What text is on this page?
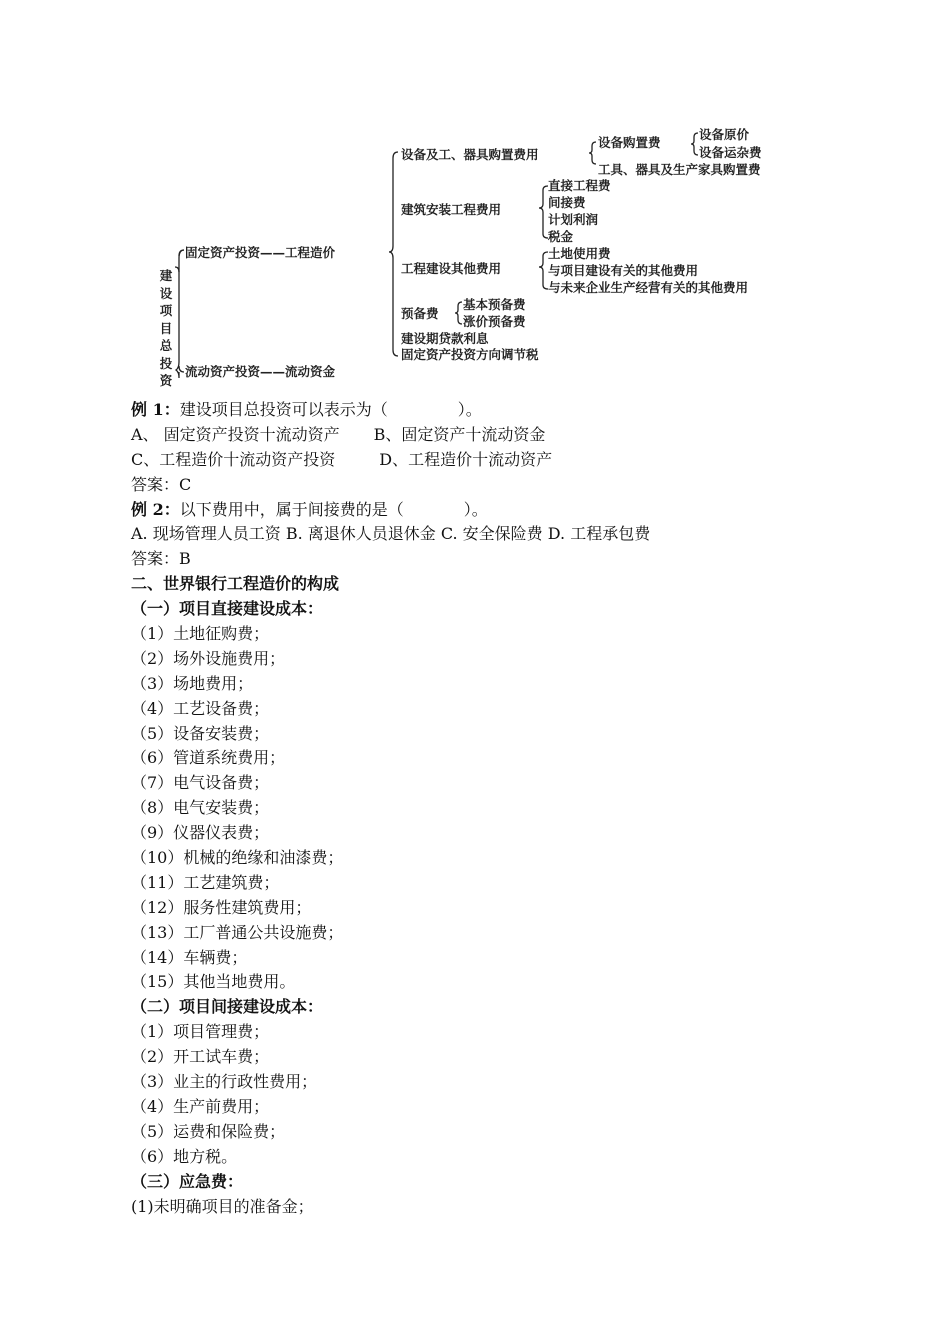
建设项目总投资
固定资产投资——工程造价
流动资产投资——流动资金
设备及工、器具购置费用
设备购置费
设备原价
设备运杂费
工具、器具及生产家具购置费
建筑安装工程费用
直接工程费
间接费
计划利润
税金
工程建设其他费用
土地使用费
与项目建设有关的其他费用
与未来企业生产经营有关的其他费用
预备费
基本预备费
涨价预备费
建设期贷款利息
固定资产投资方向调节税
例 1：建设项目总投资可以表示为（	）。
A、 固定资产投资十流动资产 B、固定资产十流动资金
C、工程造价十流动资产投资	D、工程造价十流动资产
答案：C
例 2：以下费用中，属于间接费的是（	）。
A. 现场管理人员工资 B. 离退休人员退休金 C. 安全保险费 D. 工程承包费
答案：B
二、世界银行工程造价的构成
（一）项目直接建设成本：
（1）土地征购费；
（2）场外设施费用；
（3）场地费用；
（4）工艺设备费；
（5）设备安装费；
（6）管道系统费用；
（7）电气设备费；
（8）电气安装费；
（9）仪器仪表费；
（10）机械的绝缘和油漆费；
（11）工艺建筑费；
（12）服务性建筑费用；
（13）工厂普通公共设施费；
（14）车辆费；
（15）其他当地费用。
（二）项目间接建设成本：
（1）项目管理费；
（2）开工试车费；
（3）业主的行政性费用；
（4）生产前费用；
（5）运费和保险费；
（6）地方税。
（三）应急费：
(1)未明确项目的准备金；
